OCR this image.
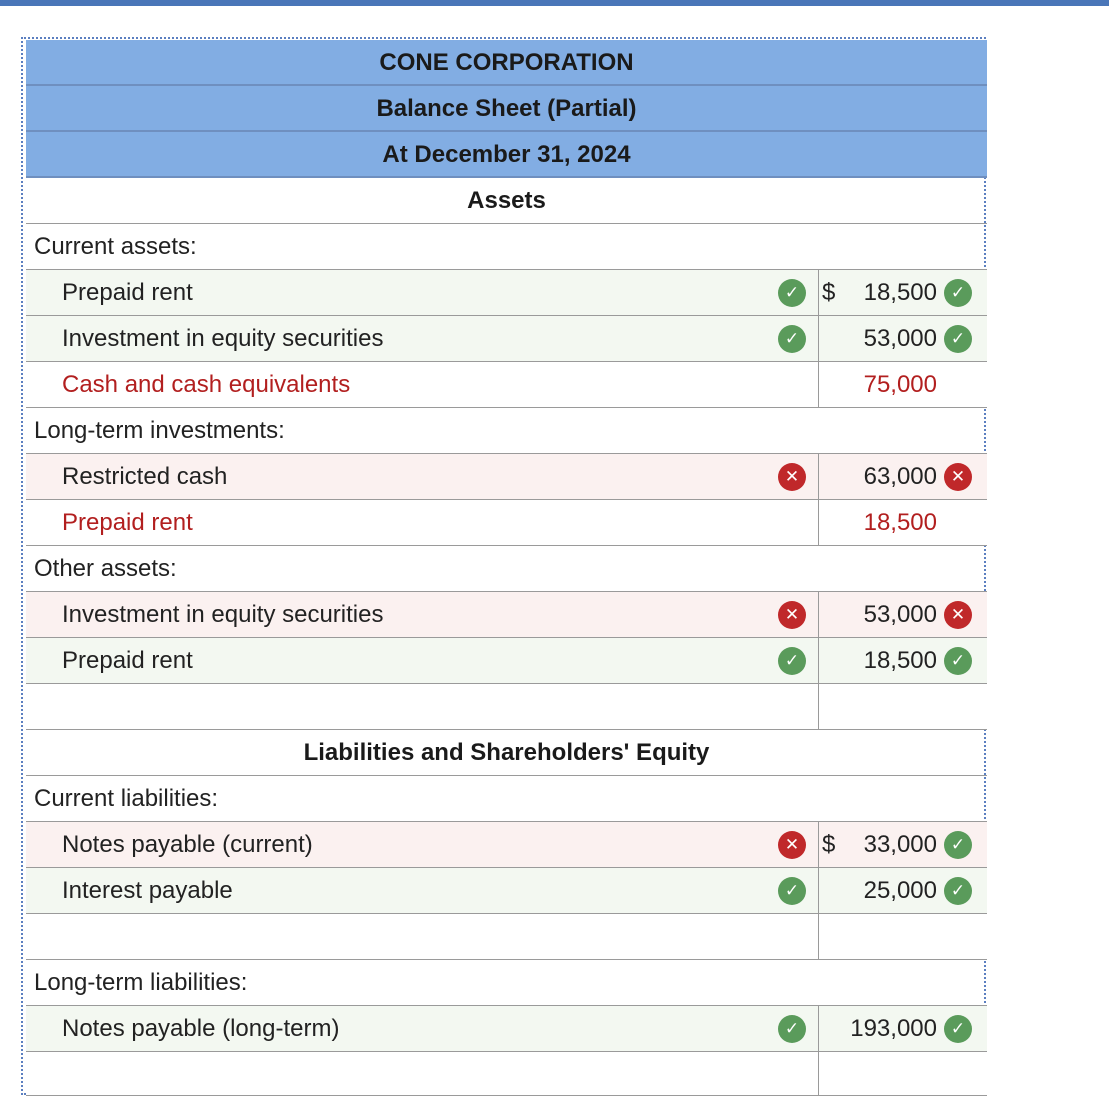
CONE CORPORATION
Balance Sheet (Partial)
At December 31, 2024
Assets
Current assets:
Prepaid rent	✓ $ 18,500 ✓
Investment in equity securities	✓	53,000 ✓
Cash and cash equivalents	75,000
Long-term investments:
Restricted cash	✕	63,000 ✕
Prepaid rent	18,500
Other assets:
Investment in equity securities	✕	53,000 ✕
Prepaid rent	✓	18,500 ✓
Liabilities and Shareholders' Equity
Current liabilities:
Notes payable (current)	✕ $ 33,000 ✓
Interest payable	✓	25,000 ✓
Long-term liabilities:
Notes payable (long-term)	✓ 193,000 ✓
